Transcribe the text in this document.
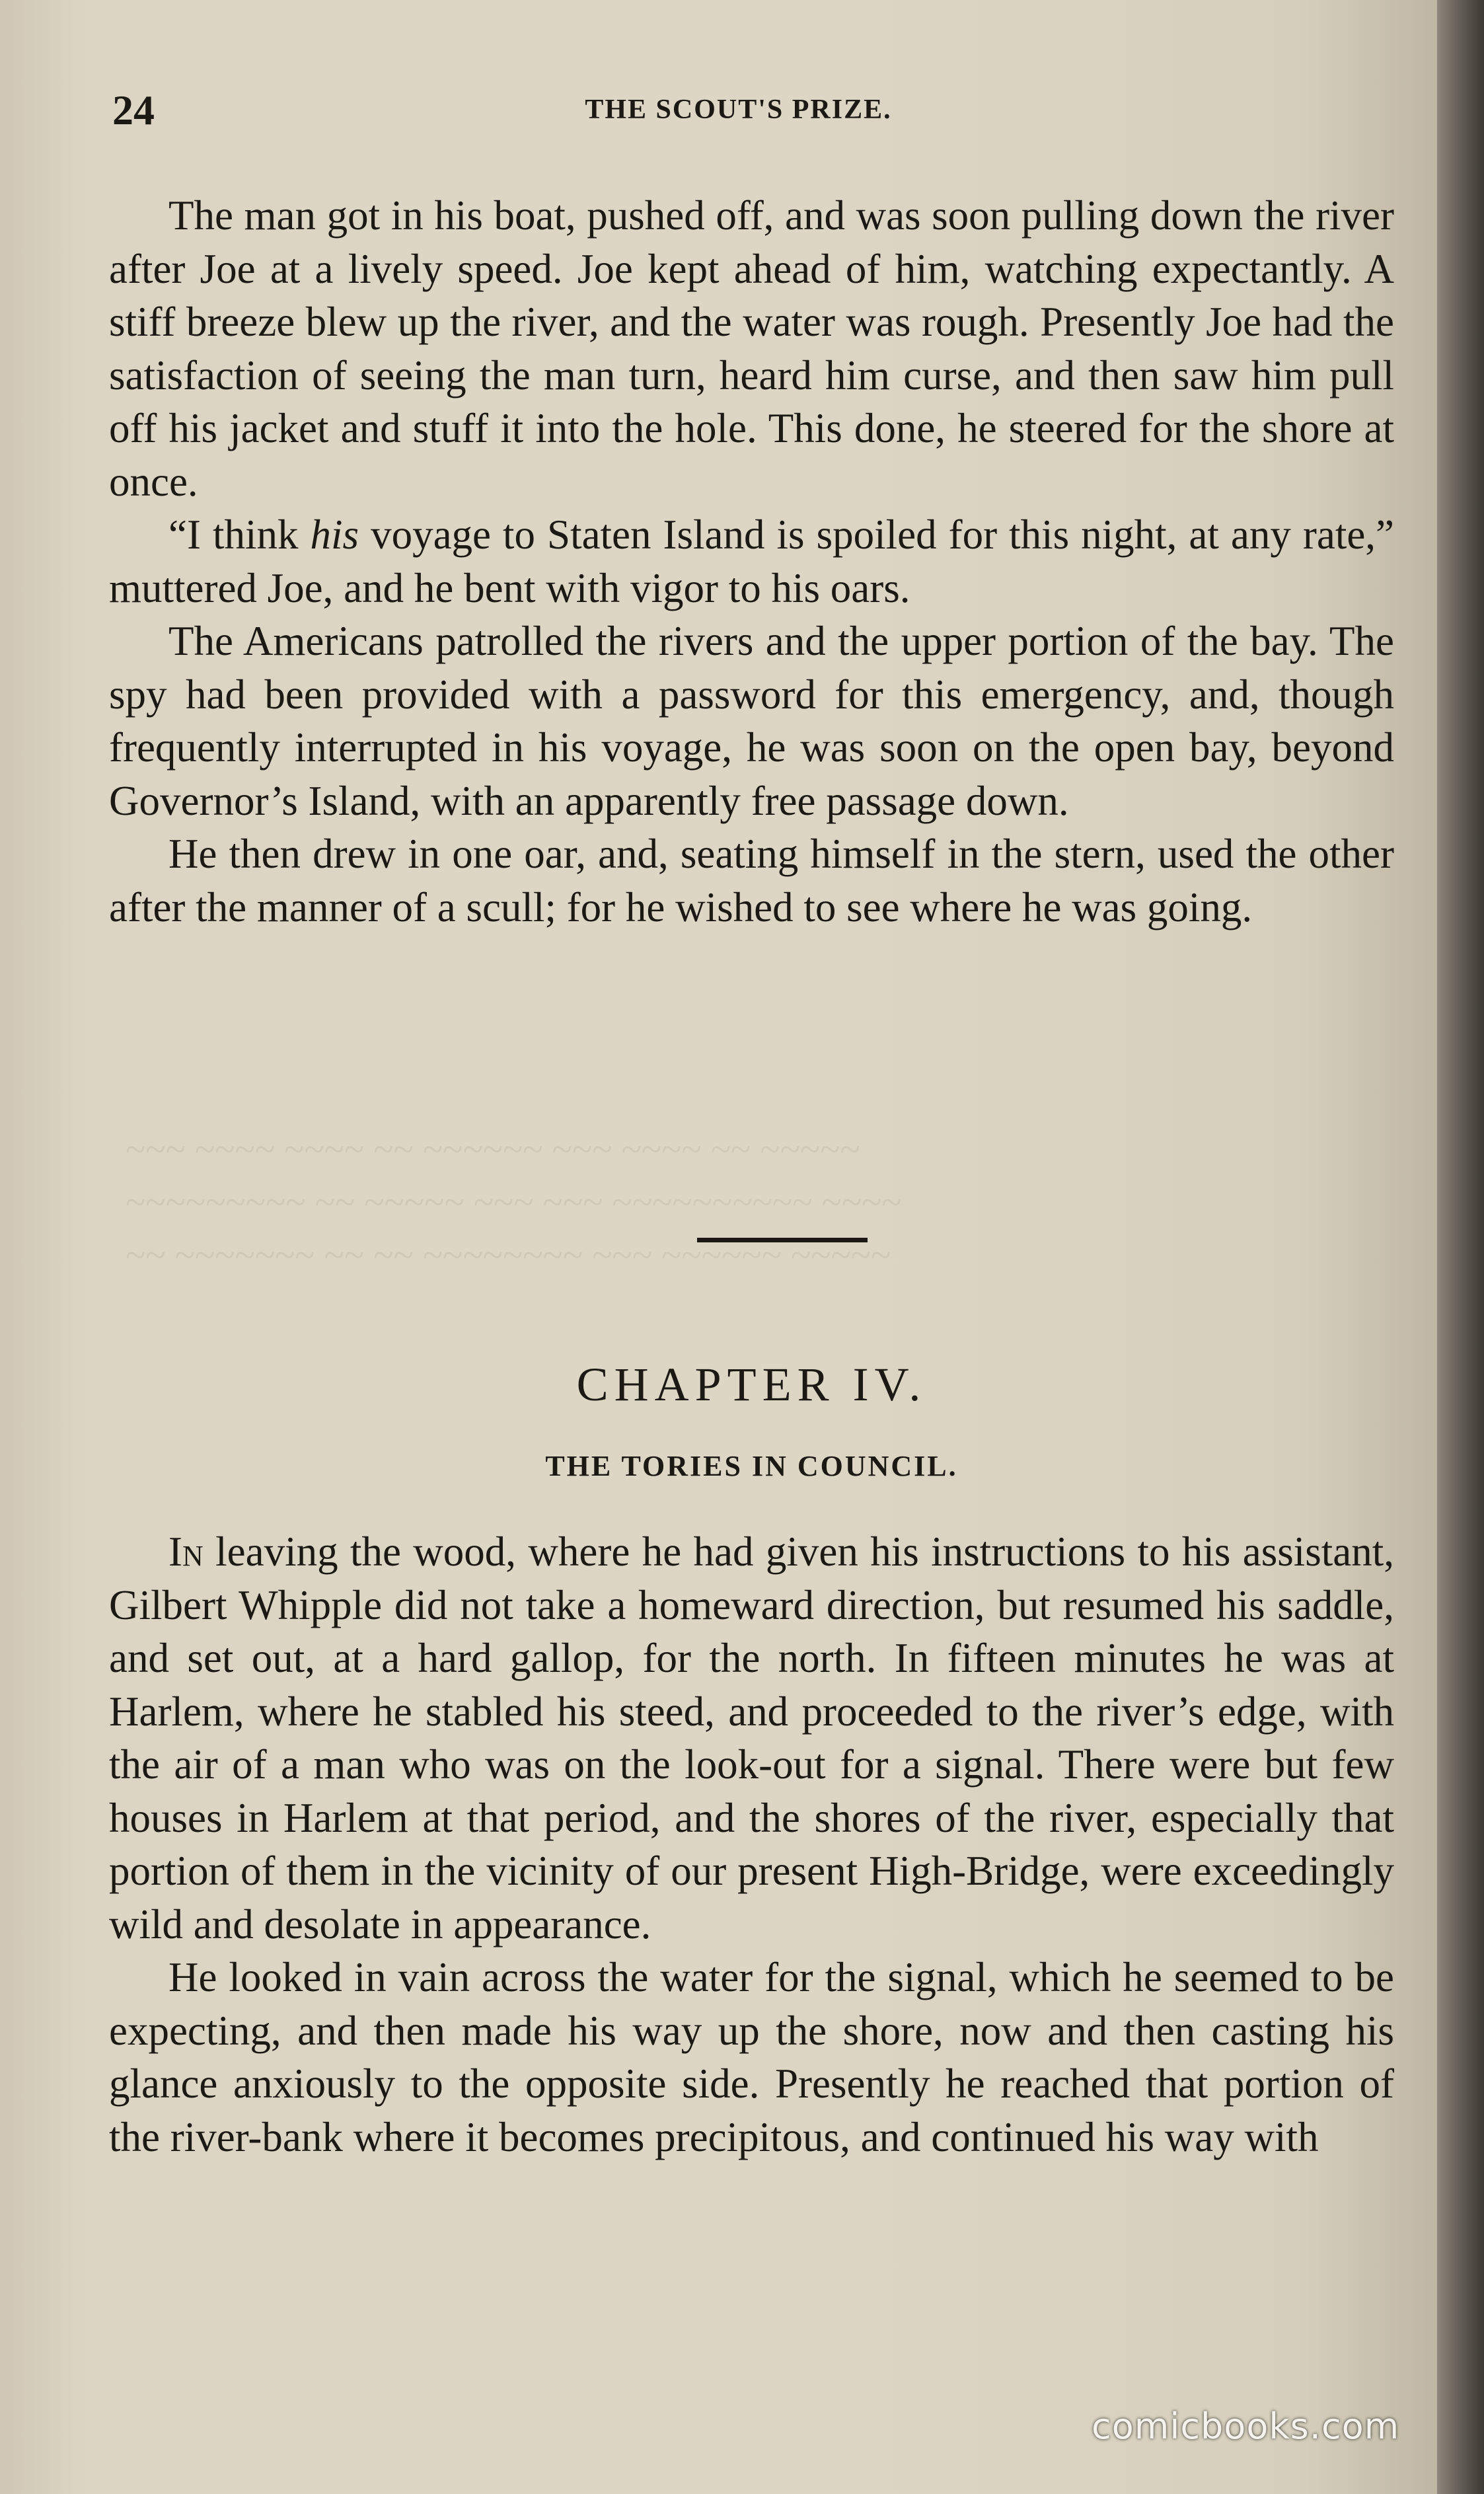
~~~ ~~~~ ~~~~ ~~ ~~~~~~ ~~~ ~~~~ ~~ ~~~~~
~~~~~~~~~ ~~ ~~~~~ ~~~ ~~~ ~~~~~~~~~~ ~~~~
~~ ~~~~~~~ ~~ ~~ ~~~~~~~~ ~~~ ~~~~~~ ~~~~~
24	THE SCOUT'S PRIZE.

The man got in his boat, pushed off, and was soon pulling down the river after Joe at a lively speed. Joe kept ahead of him, watching expectantly. A stiff breeze blew up the river, and the water was rough. Presently Joe had the satisfaction of seeing the man turn, heard him curse, and then saw him pull off his jacket and stuff it into the hole. This done, he steered for the shore at once.

“I think his voyage to Staten Island is spoiled for this night, at any rate,” muttered Joe, and he bent with vigor to his oars.

The Americans patrolled the rivers and the upper portion of the bay. The spy had been provided with a password for this emergency, and, though frequently interrupted in his voyage, he was soon on the open bay, beyond Governor’s Island, with an apparently free passage down.

He then drew in one oar, and, seating himself in the stern, used the other after the manner of a scull; for he wished to see where he was going.

CHAPTER IV.
THE TORIES IN COUNCIL.

In leaving the wood, where he had given his instructions to his assistant, Gilbert Whipple did not take a homeward direction, but resumed his saddle, and set out, at a hard gallop, for the north. In fifteen minutes he was at Harlem, where he stabled his steed, and proceeded to the river’s edge, with the air of a man who was on the look-out for a signal. There were but few houses in Harlem at that period, and the shores of the river, especially that portion of them in the vicinity of our present High-Bridge, were exceedingly wild and desolate in appearance.

He looked in vain across the water for the signal, which he seemed to be expecting, and then made his way up the shore, now and then casting his glance anxiously to the opposite side. Presently he reached that portion of the river-bank where it becomes precipitous, and continued his way with

comicbooks.com
